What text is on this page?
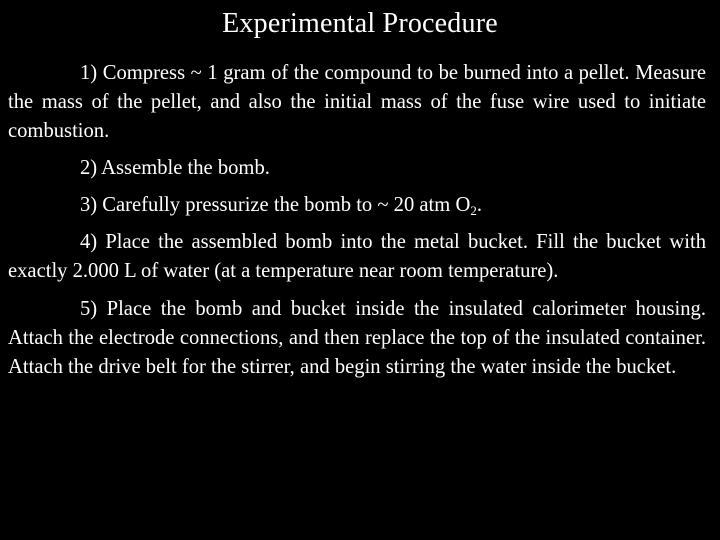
Experimental Procedure

1) Compress ~ 1 gram of the compound to be burned into a pellet. Measure the mass of the pellet, and also the initial mass of the fuse wire used to initiate combustion.

2) Assemble the bomb.

3) Carefully pressurize the bomb to ~ 20 atm $O_2$.

4) Place the assembled bomb into the metal bucket. Fill the bucket with exactly 2.000 L of water (at a temperature near room temperature).

5) Place the bomb and bucket inside the insulated calorimeter housing. Attach the electrode connections, and then replace the top of the insulated container. Attach the drive belt for the stirrer, and begin stirring the water inside the bucket.
